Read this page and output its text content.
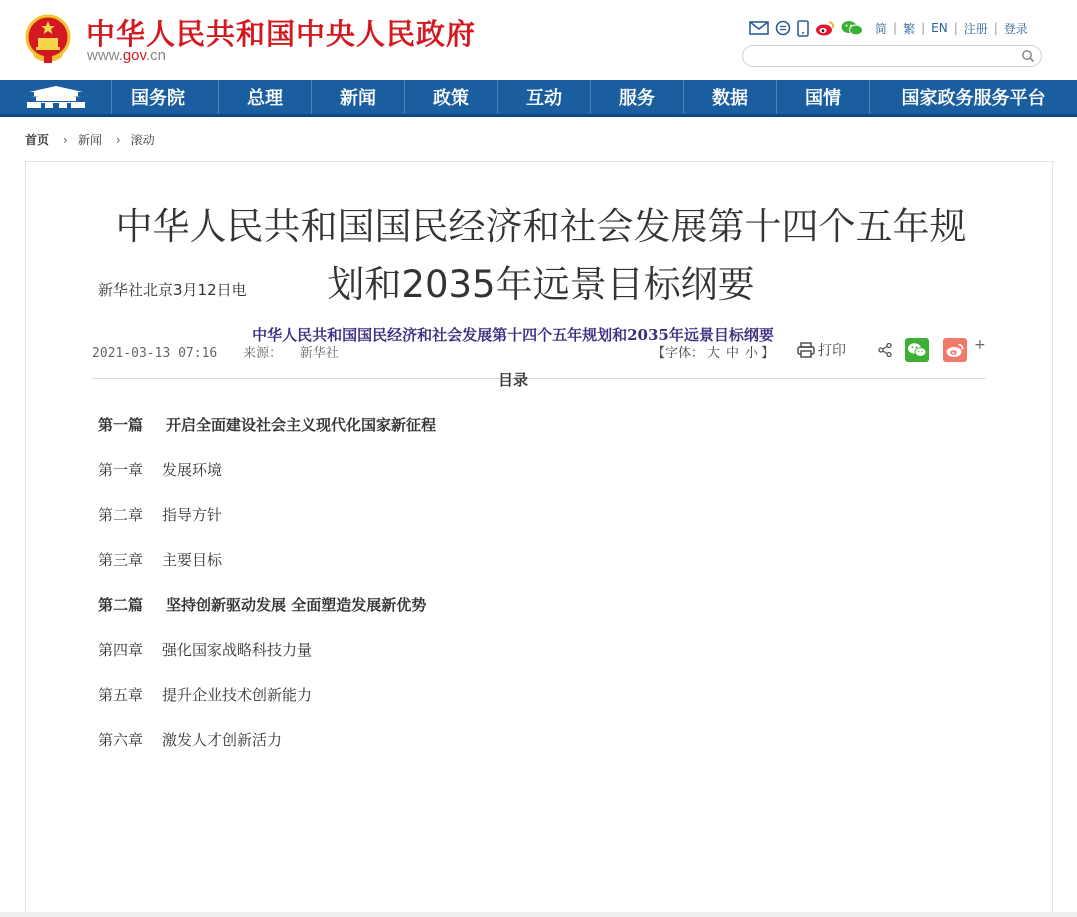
中华人民共和国中央人民政府
www.gov.cn
简 | 繁 | EN | 注册 | 登录
国务院	总理	新闻	政策	互动	服务	数据	国情	国家政务服务平台
首页 › 新闻 › 滚动
中华人民共和国国民经济和社会发展第十四个五年规
划和2035年远景目标纲要
2021-03-13 07:16 来源： 新华社	【字体： 大 中 小 】	打印	+
新华社北京3月12日电
中华人民共和国国民经济和社会发展第十四个五年规划和2035年远景目标纲要
目录
第一篇 开启全面建设社会主义现代化国家新征程
第一章 发展环境
第二章 指导方针
第三章 主要目标
第二篇 坚持创新驱动发展 全面塑造发展新优势
第四章 强化国家战略科技力量
第五章 提升企业技术创新能力
第六章 激发人才创新活力
